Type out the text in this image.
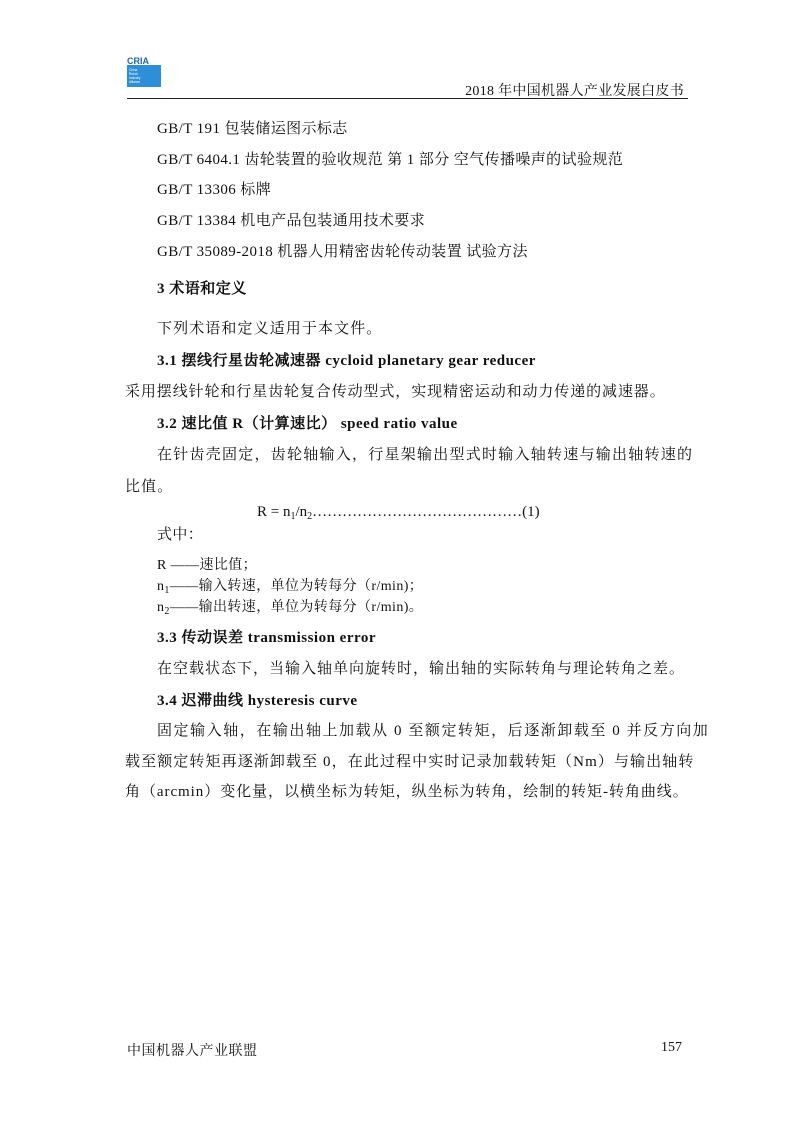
CRIA
China
Robot
Industry
Alliance
2018 年中国机器人产业发展白皮书
GB/T 191 包装储运图示标志
GB/T 6404.1 齿轮装置的验收规范 第 1 部分 空气传播噪声的试验规范
GB/T 13306 标牌
GB/T 13384 机电产品包装通用技术要求
GB/T 35089-2018 机器人用精密齿轮传动装置 试验方法
3 术语和定义
下列术语和定义适用于本文件。
3.1 摆线行星齿轮减速器 cycloid planetary gear reducer
采用摆线针轮和行星齿轮复合传动型式，实现精密运动和动力传递的减速器。
3.2 速比值 R（计算速比） speed ratio value
在针齿壳固定，齿轮轴输入，行星架输出型式时输入轴转速与输出轴转速的
比值。
$R = n_1/n_2\dots\dots\dots\dots\dots\dots\dots\dots\dots\dots\dots\dots\dots\dots(1)$
式中：
R ——速比值；
$n_1——$输入转速，单位为转每分（r/min)；
$n_2——$输出转速，单位为转每分（r/min)。
3.3 传动误差 transmission error
在空载状态下，当输入轴单向旋转时，输出轴的实际转角与理论转角之差。
3.4 迟滞曲线 hysteresis curve
固定输入轴，在输出轴上加载从 0 至额定转矩，后逐渐卸载至 0 并反方向加
载至额定转矩再逐渐卸载至 0，在此过程中实时记录加载转矩（Nm）与输出轴转
角（arcmin）变化量，以横坐标为转矩，纵坐标为转角，绘制的转矩-转角曲线。
中国机器人产业联盟	157
